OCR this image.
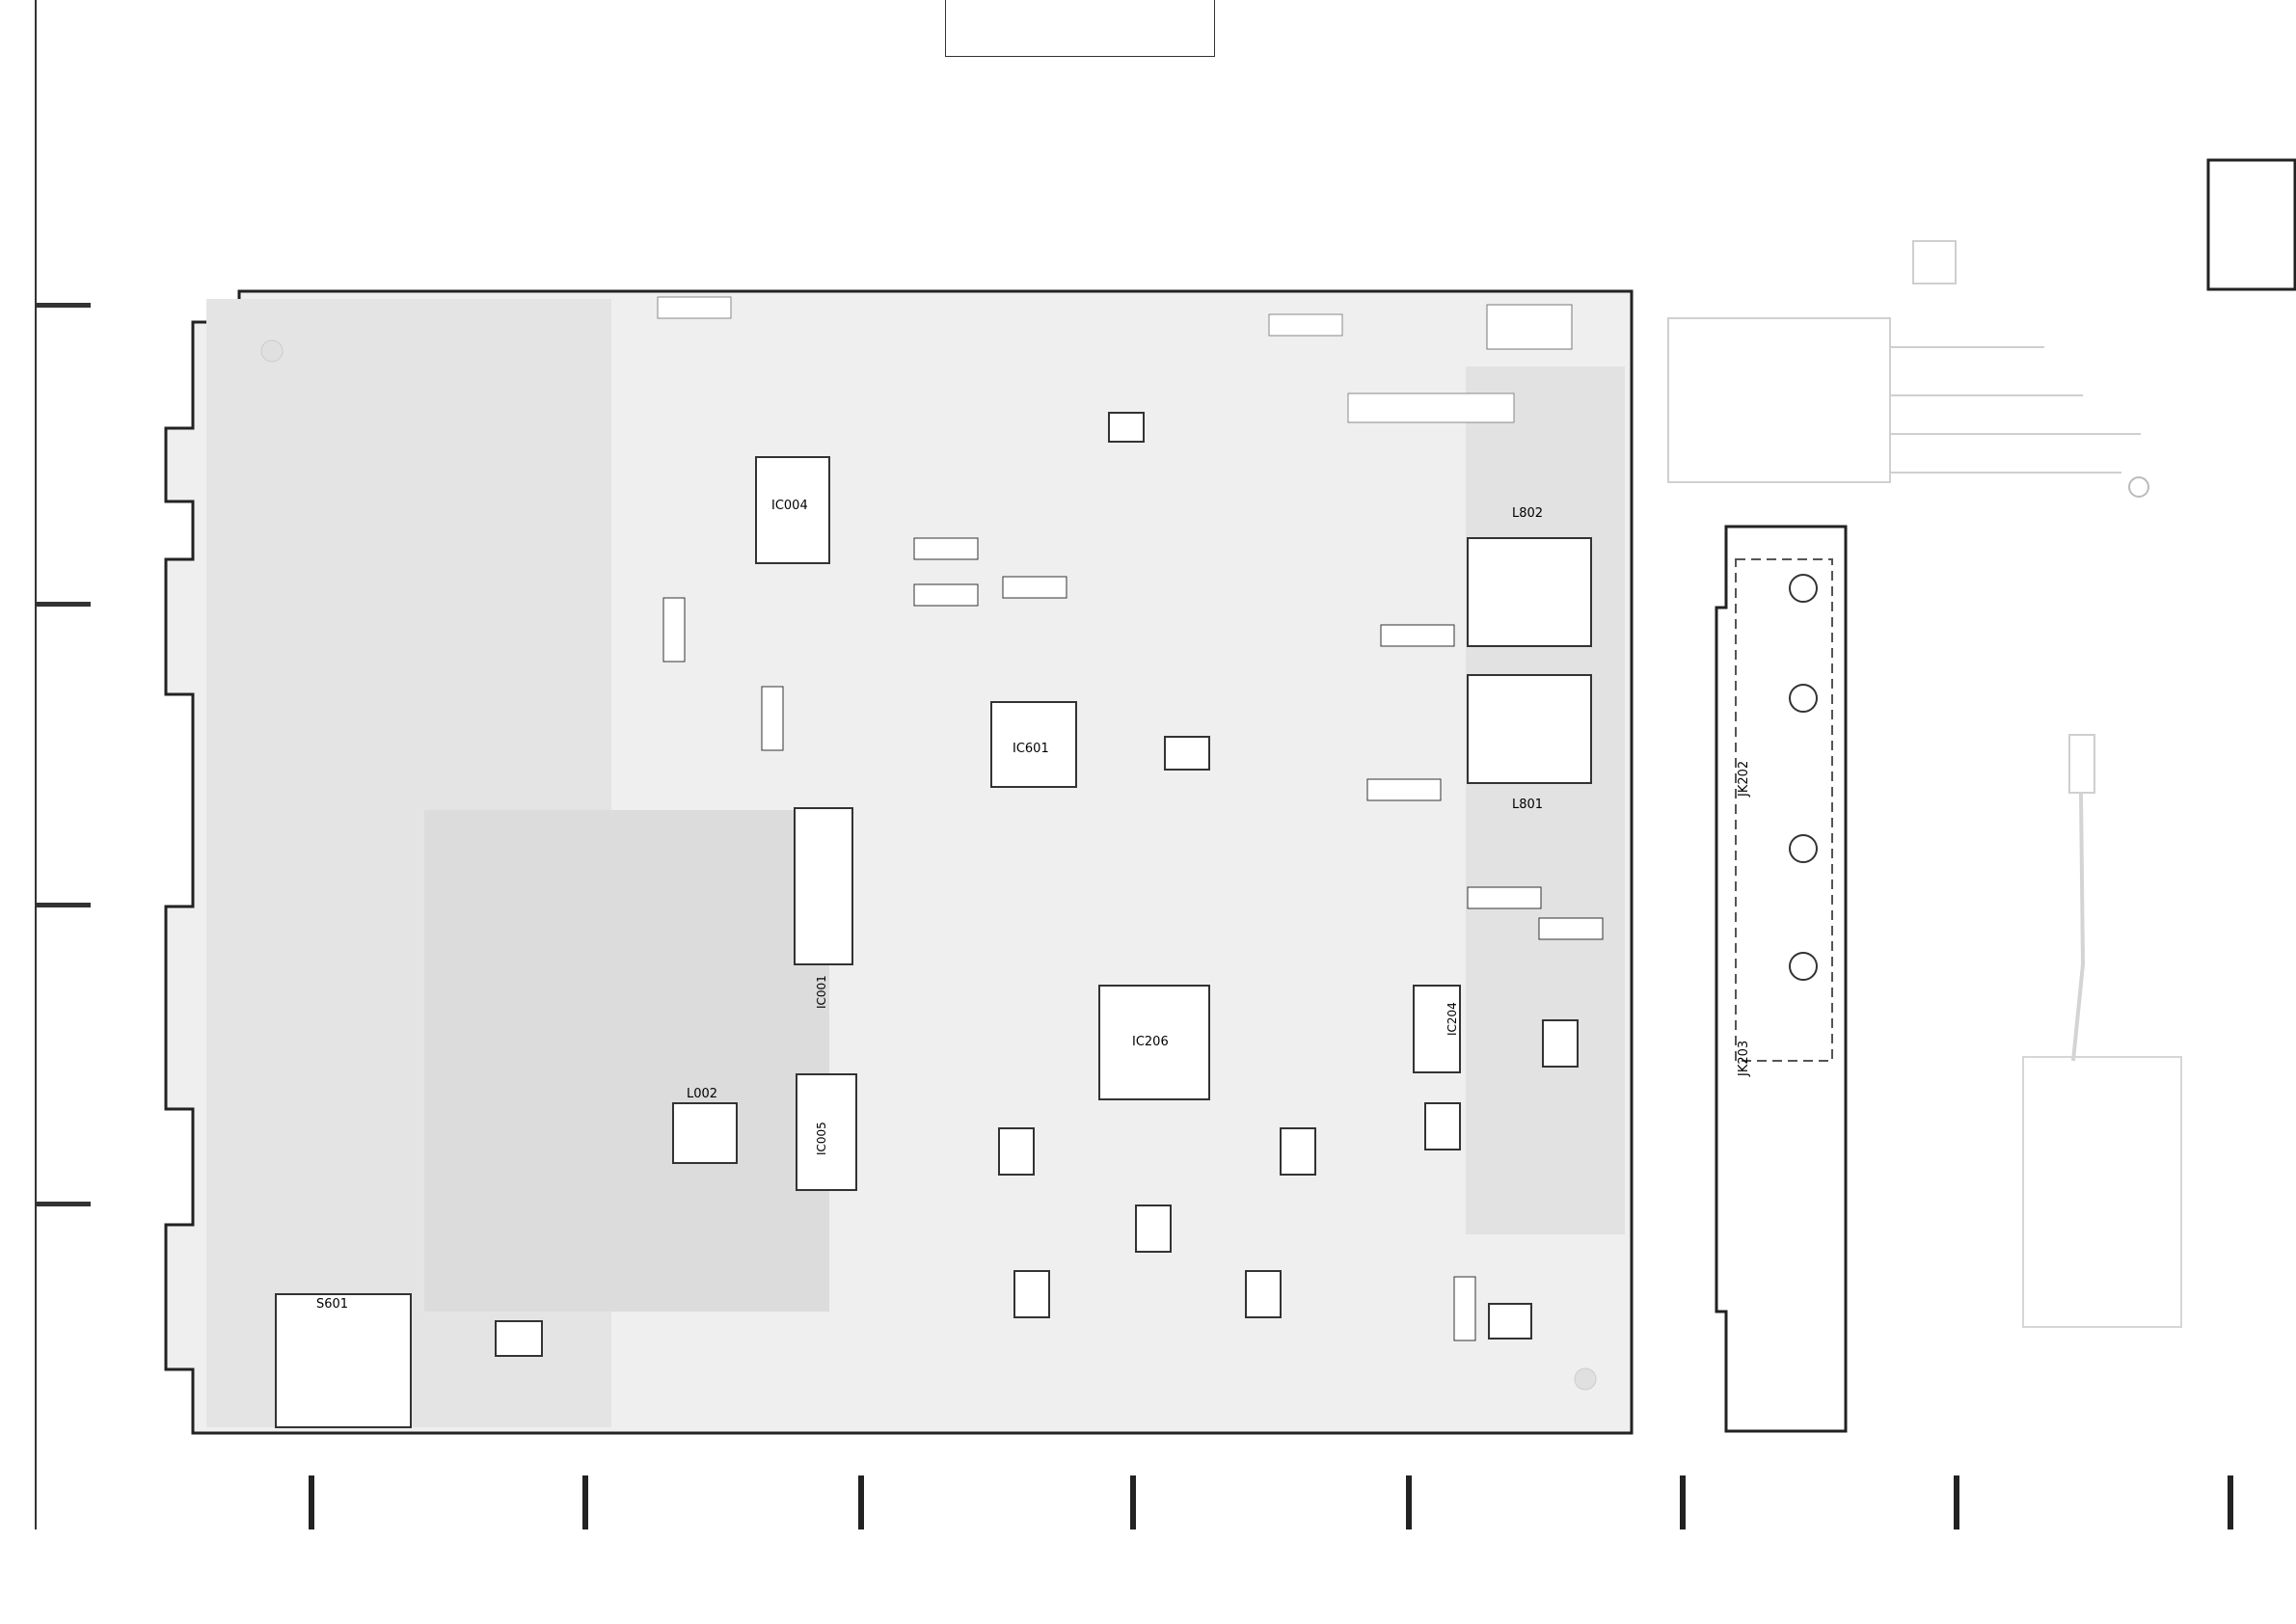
IC004
IC601
IC206
IC001
IC005
IC204
L802
L801
L002
S601
JK202
JK203
